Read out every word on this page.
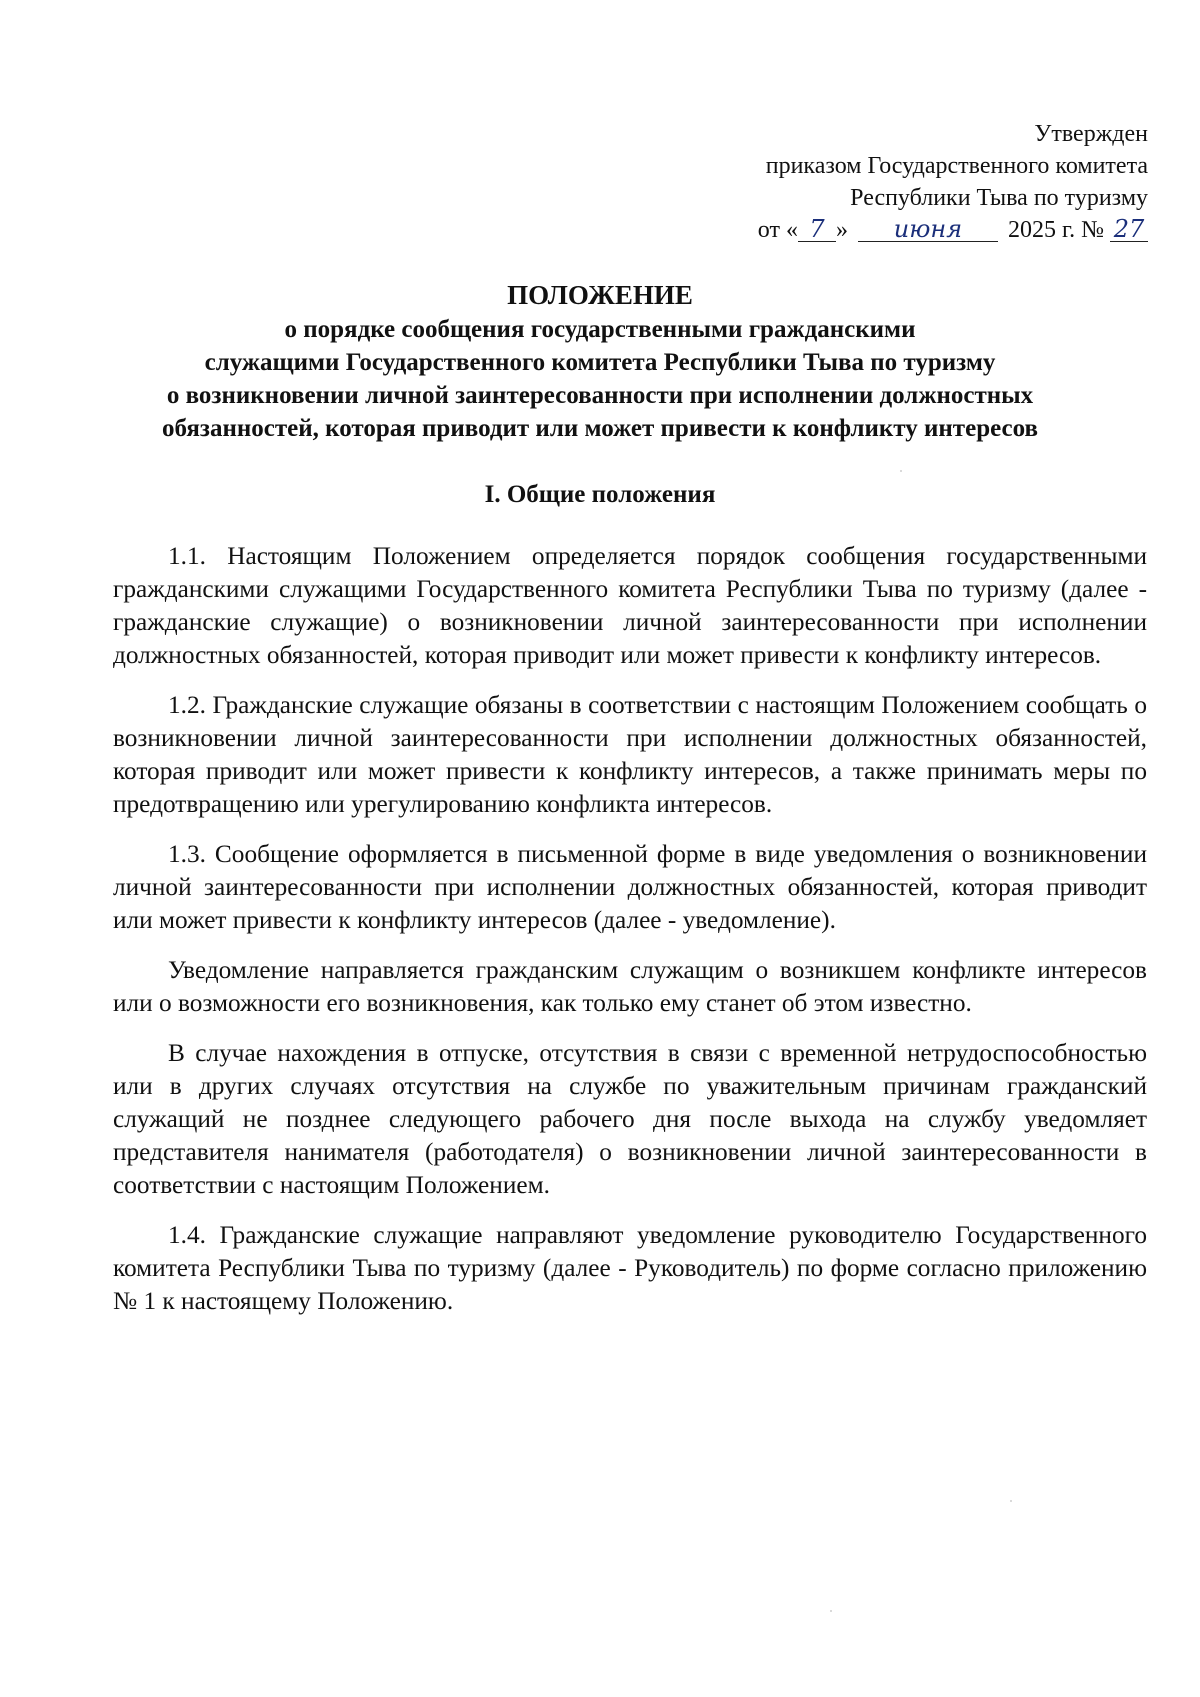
Утвержден
приказом Государственного комитета
Республики Тыва по туризму
от « 7 » июня 2025 г. № 27
ПОЛОЖЕНИЕ
о порядке сообщения государственными гражданскими
служащими Государственного комитета Республики Тыва по туризму
о возникновении личной заинтересованности при исполнении должностных
обязанностей, которая приводит или может привести к конфликту интересов
I. Общие положения

1.1. Настоящим Положением определяется порядок сообщения государственными гражданскими служащими Государственного комитета Республики Тыва по туризму (далее - гражданские служащие) о возникновении личной заинтересованности при исполнении должностных обязанностей, которая приводит или может привести к конфликту интересов.

1.2. Гражданские служащие обязаны в соответствии с настоящим Положением сообщать о возникновении личной заинтересованности при исполнении должностных обязанностей, которая приводит или может привести к конфликту интересов, а также принимать меры по предотвращению или урегулированию конфликта интересов.

1.3. Сообщение оформляется в письменной форме в виде уведомления о возникновении личной заинтересованности при исполнении должностных обязанностей, которая приводит или может привести к конфликту интересов (далее - уведомление).

Уведомление направляется гражданским служащим о возникшем конфликте интересов или о возможности его возникновения, как только ему станет об этом известно.

В случае нахождения в отпуске, отсутствия в связи с временной нетрудоспособностью или в других случаях отсутствия на службе по уважительным причинам гражданский служащий не позднее следующего рабочего дня после выхода на службу уведомляет представителя нанимателя (работодателя) о возникновении личной заинтересованности в соответствии с настоящим Положением.

1.4. Гражданские служащие направляют уведомление руководителю Государственного комитета Республики Тыва по туризму (далее - Руководитель) по форме согласно приложению № 1 к настоящему Положению.
